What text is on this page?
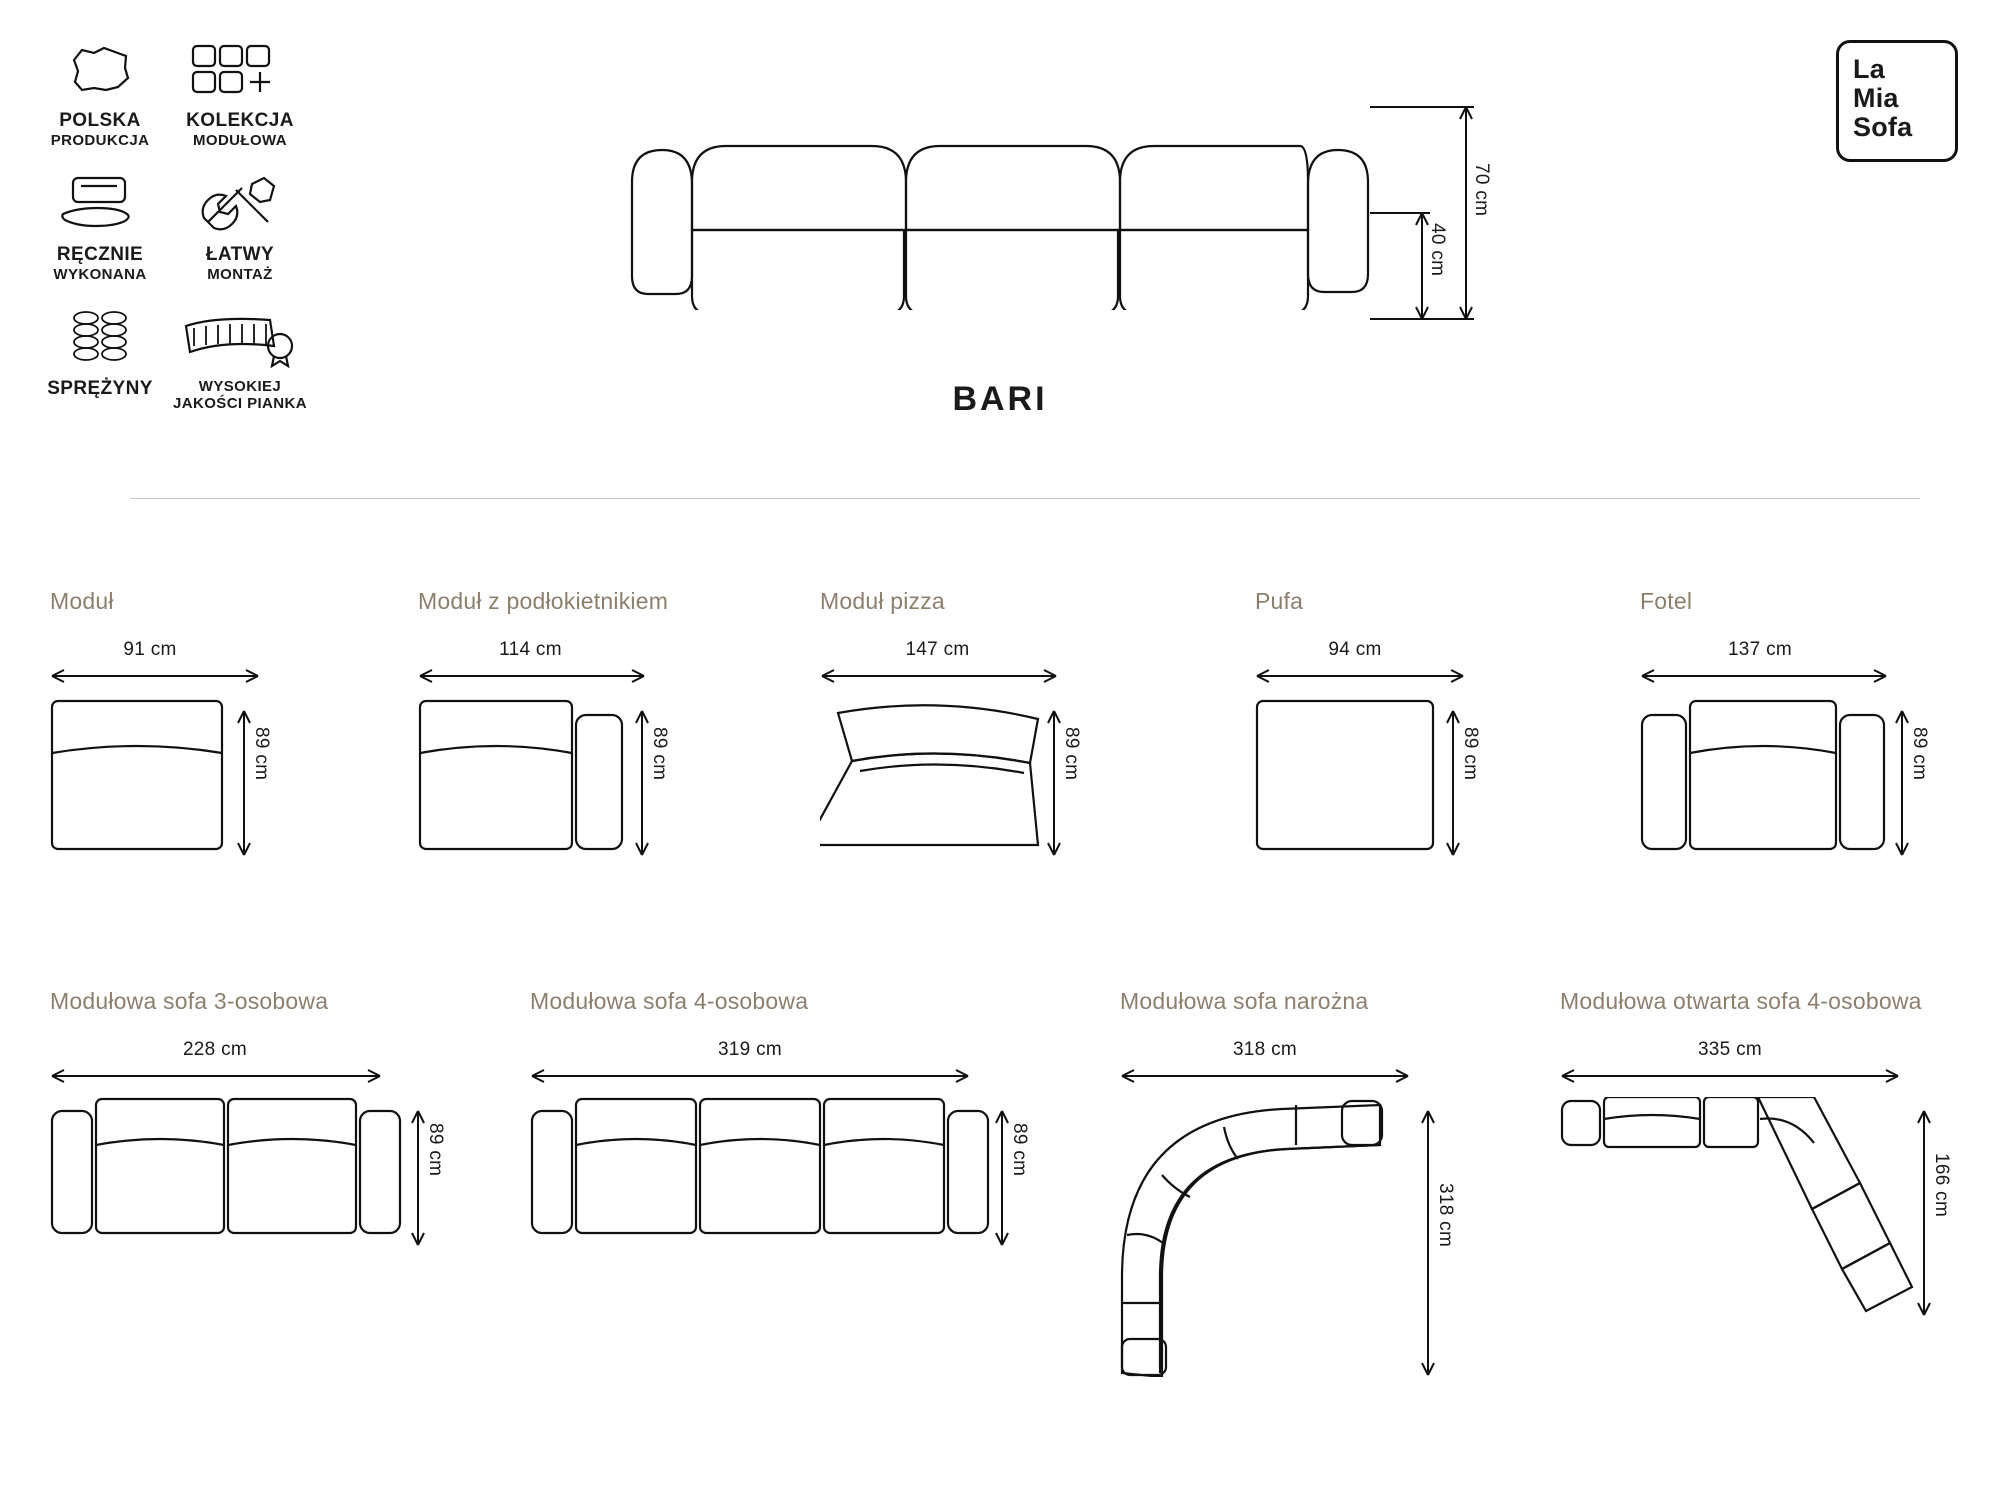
POLSKA
PRODUKCJA
KOLEKCJA
MODUŁOWA
RĘCZNIE
WYKONANA
ŁATWY
MONTAŻ
SPRĘŻYNY	WYSOKIEJ
JAKOŚCI PIANKA
La
Mia
Sofa
BARI
70 cm
40 cm
Moduł
91 cm
89 cm
Moduł z podłokietnikiem
114 cm
89 cm
Moduł pizza
147 cm
89 cm
Pufa
94 cm
89 cm
Fotel
137 cm
89 cm
Modułowa sofa 3-osobowa
228 cm
89 cm
Modułowa sofa 4-osobowa
319 cm
89 cm
Modułowa sofa narożna
318 cm
318 cm
Modułowa otwarta sofa 4-osobowa
335 cm
166 cm
